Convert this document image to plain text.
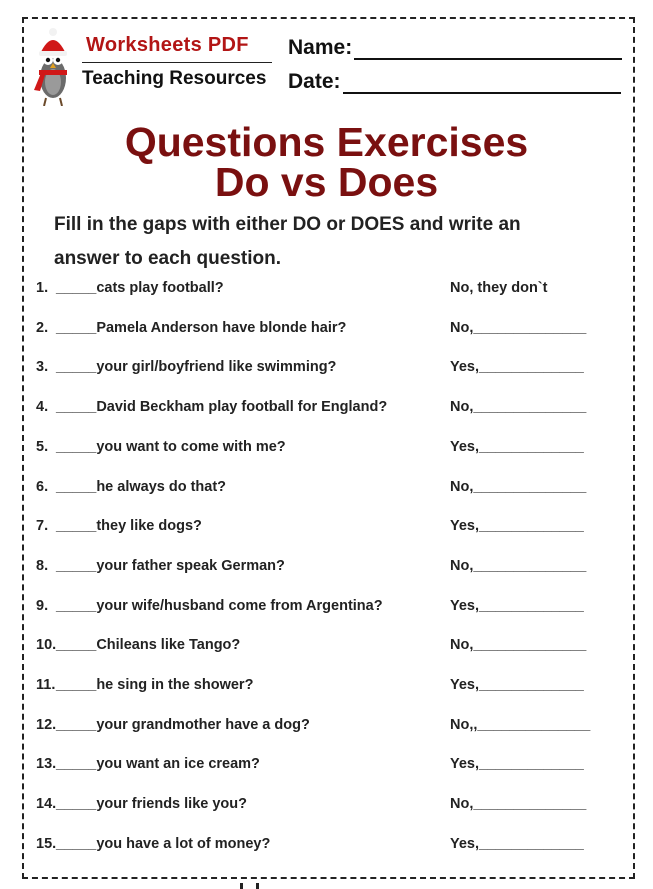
Worksheets PDF
Teaching Resources
Name:
Date:
Questions Exercises
Do vs Does
Fill in the gaps with either DO or DOES and write an answer to each question.
1. _____cats play football?	No, they don`t
2. _____Pamela Anderson have blonde hair?	No,______________
3. _____your girl/boyfriend like swimming?	Yes,_____________
4. _____David Beckham play football for England?	No,______________
5. _____you want to come with me?	Yes,_____________
6. _____he always do that?	No,______________
7. _____they like dogs?	Yes,_____________
8. _____your father speak German?	No,______________
9. _____your wife/husband come from Argentina?	Yes,_____________
10. _____Chileans like Tango?	No,______________
11. _____he sing in the shower?	Yes,_____________
12. _____your grandmother have a dog?	No,,______________
13. _____you want an ice cream?	Yes,_____________
14. _____your friends like you?	No,______________
15. _____you have a lot of money?	Yes,_____________
